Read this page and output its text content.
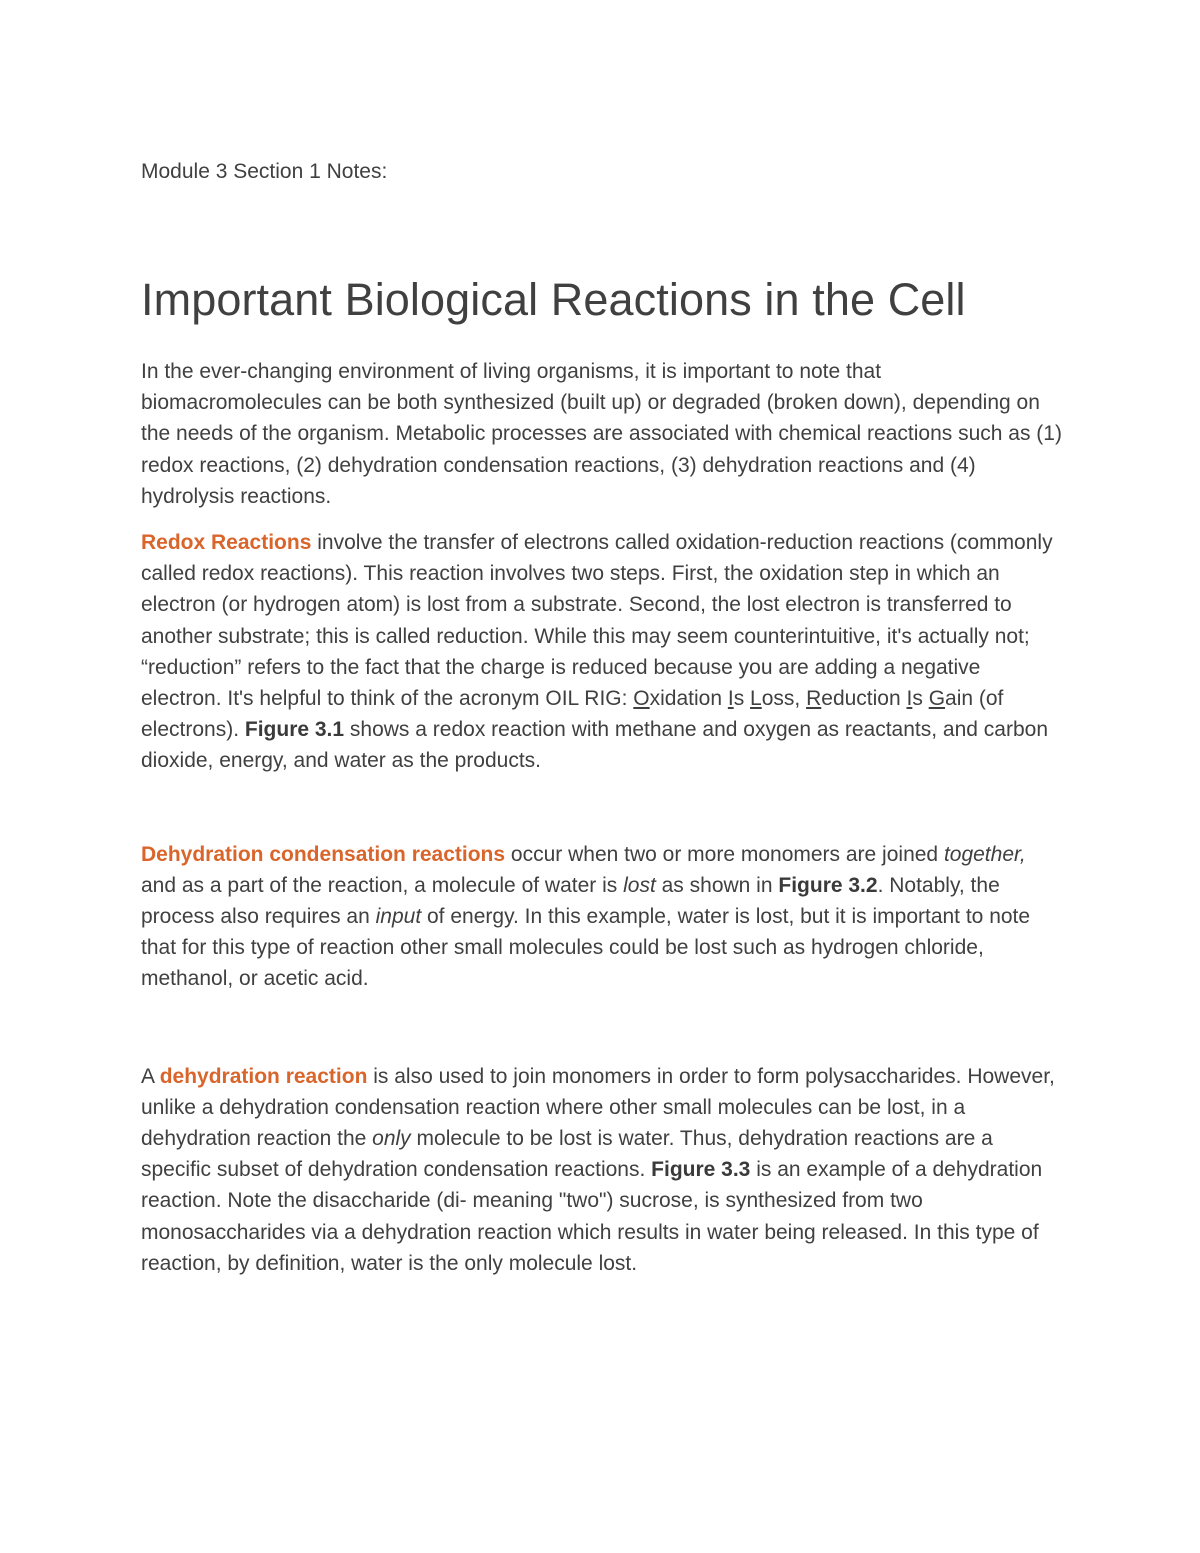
Module 3 Section 1 Notes:
Important Biological Reactions in the Cell

In the ever-changing environment of living organisms, it is important to note that biomacromolecules can be both synthesized (built up) or degraded (broken down), depending on the needs of the organism. Metabolic processes are associated with chemical reactions such as (1) redox reactions, (2) dehydration condensation reactions, (3) dehydration reactions and (4) hydrolysis reactions.

Redox Reactions involve the transfer of electrons called oxidation-reduction reactions (commonly called redox reactions). This reaction involves two steps. First, the oxidation step in which an electron (or hydrogen atom) is lost from a substrate. Second, the lost electron is transferred to another substrate; this is called reduction. While this may seem counterintuitive, it's actually not; “reduction” refers to the fact that the charge is reduced because you are adding a negative electron. It's helpful to think of the acronym OIL RIG: Oxidation Is Loss, Reduction Is Gain (of electrons). Figure 3.1 shows a redox reaction with methane and oxygen as reactants, and carbon dioxide, energy, and water as the products.

Dehydration condensation reactions occur when two or more monomers are joined together, and as a part of the reaction, a molecule of water is lost as shown in Figure 3.2. Notably, the process also requires an input of energy. In this example, water is lost, but it is important to note that for this type of reaction other small molecules could be lost such as hydrogen chloride, methanol, or acetic acid.

A dehydration reaction is also used to join monomers in order to form polysaccharides. However, unlike a dehydration condensation reaction where other small molecules can be lost, in a dehydration reaction the only molecule to be lost is water. Thus, dehydration reactions are a specific subset of dehydration condensation reactions. Figure 3.3 is an example of a dehydration reaction. Note the disaccharide (di- meaning "two") sucrose, is synthesized from two monosaccharides via a dehydration reaction which results in water being released. In this type of reaction, by definition, water is the only molecule lost.
